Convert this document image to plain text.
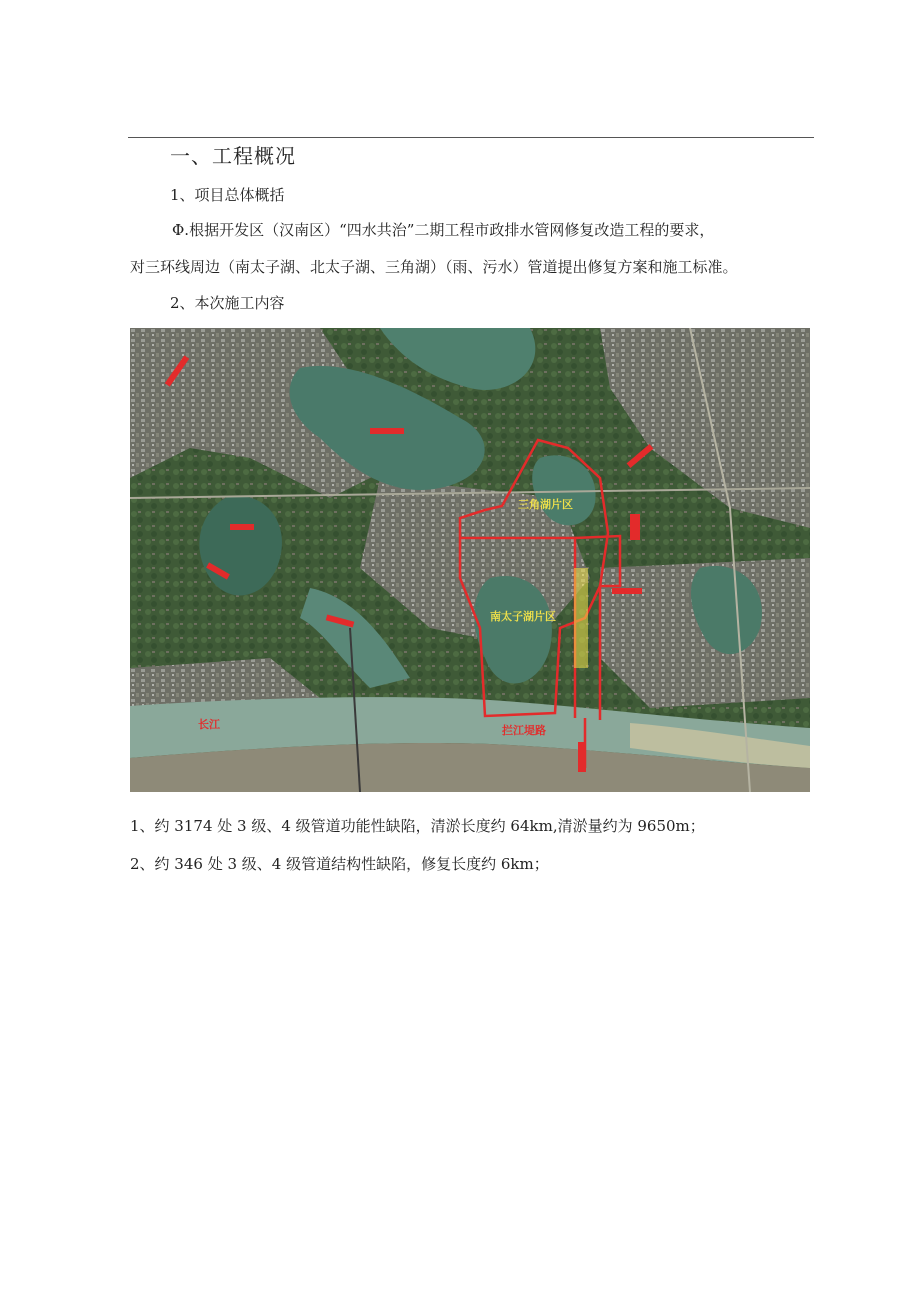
一、工程概况
1、项目总体概括
Φ.根据开发区（汉南区）“四水共治”二期工程市政排水管网修复改造工程的要求，
对三环线周边（南太子湖、北太子湖、三角湖）（雨、污水）管道提出修复方案和施工标准。
2、本次施工内容
三角湖片区
南太子湖片区
长江	拦江堤路
1、约 3174 处 3 级、4 级管道功能性缺陷，清淤长度约 64km,清淤量约为 9650m；
2、约 346 处 3 级、4 级管道结构性缺陷，修复长度约 6km；
